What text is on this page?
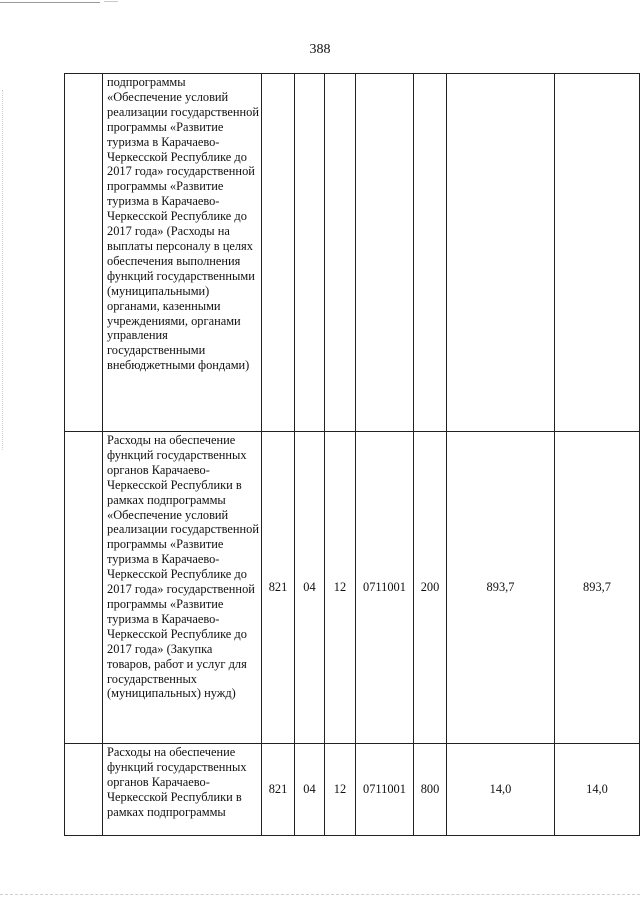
388
	подпрограммы «Обеспечение условий реализации государственной программы «Развитие туризма в Карачаево-Черкесской Республике до 2017 года» государственной программы «Развитие туризма в Карачаево-Черкесской Республике до 2017 года» (Расходы на выплаты персоналу в целях обеспечения выполнения функций государственными (муниципальными) органами, казенными учреждениями, органами управления государственными внебюджетными фондами)							
	Расходы на обеспечение функций государственных органов Карачаево-Черкесской Республики в рамках подпрограммы «Обеспечение условий реализации государственной программы «Развитие туризма в Карачаево-Черкесской Республике до 2017 года» государственной программы «Развитие туризма в Карачаево-Черкесской Республике до 2017 года» (Закупка товаров, работ и услуг для государственных (муниципальных) нужд)	821	04	12	0711001	200	893,7	893,7
	Расходы на обеспечение функций государственных органов Карачаево-Черкесской Республики в рамках подпрограммы	821	04	12	0711001	800	14,0	14,0
